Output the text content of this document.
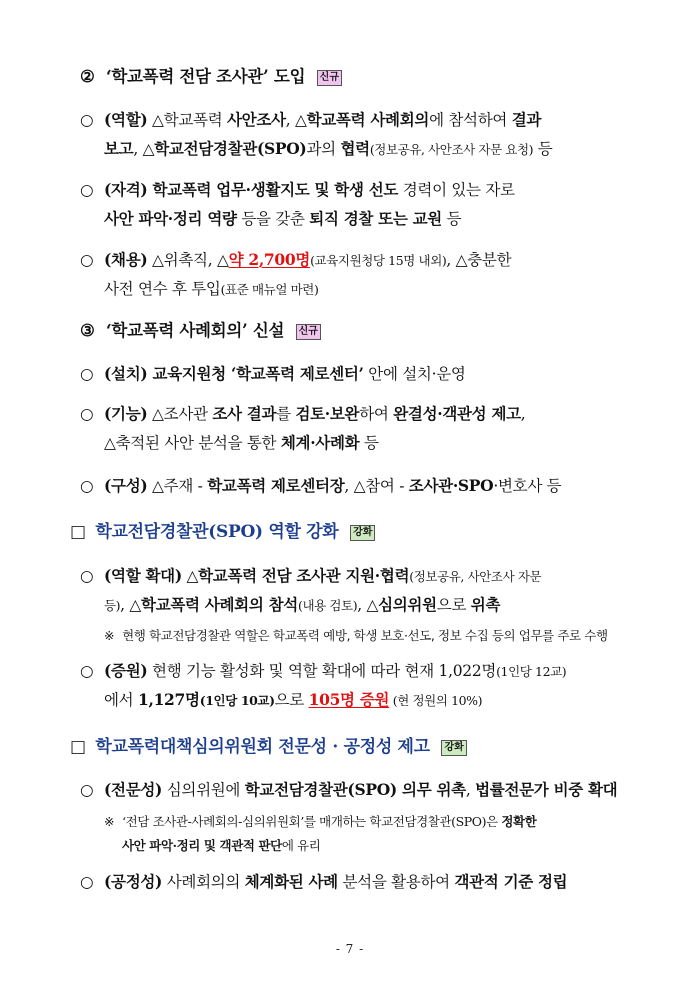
② ‘학교폭력 전담 조사관’ 도입 신규
○ (역할) △학교폭력 사안조사, △학교폭력 사례회의에 참석하여 결과
보고, △학교전담경찰관(SPO)과의 협력(정보공유, 사안조사 자문 요청) 등
○ (자격) 학교폭력 업무·생활지도 및 학생 선도 경력이 있는 자로
사안 파악·정리 역량 등을 갖춘 퇴직 경찰 또는 교원 등
○ (채용) △위촉직, △약 2,700명(교육지원청당 15명 내외), △충분한
사전 연수 후 투입(표준 매뉴얼 마련)
③ ‘학교폭력 사례회의’ 신설 신규
○ (설치) 교육지원청 ‘학교폭력 제로센터’ 안에 설치·운영
○ (기능) △조사관 조사 결과를 검토·보완하여 완결성·객관성 제고,
△축적된 사안 분석을 통한 체계·사례화 등
○ (구성) △주재 - 학교폭력 제로센터장, △참여 - 조사관·SPO·변호사 등
□ 학교전담경찰관(SPO) 역할 강화 강화
○ (역할 확대) △학교폭력 전담 조사관 지원·협력(정보공유, 사안조사 자문
등), △학교폭력 사례회의 참석(내용 검토), △심의위원으로 위촉
※ 현행 학교전담경찰관 역할은 학교폭력 예방, 학생 보호·선도, 정보 수집 등의 업무를 주로 수행
○ (증원) 현행 기능 활성화 및 역할 확대에 따라 현재 1,022명(1인당 12교)
에서 1,127명(1인당 10교)으로 105명 증원 (현 정원의 10%)
□ 학교폭력대책심의위원회 전문성 · 공정성 제고 강화
○ (전문성) 심의위원에 학교전담경찰관(SPO) 의무 위촉, 법률전문가 비중 확대
※ ‘전담 조사관-사례회의-심의위원회’를 매개하는 학교전담경찰관(SPO)은 정확한
사안 파악·정리 및 객관적 판단에 유리
○ (공정성) 사례회의의 체계화된 사례 분석을 활용하여 객관적 기준 정립
- 7 -
